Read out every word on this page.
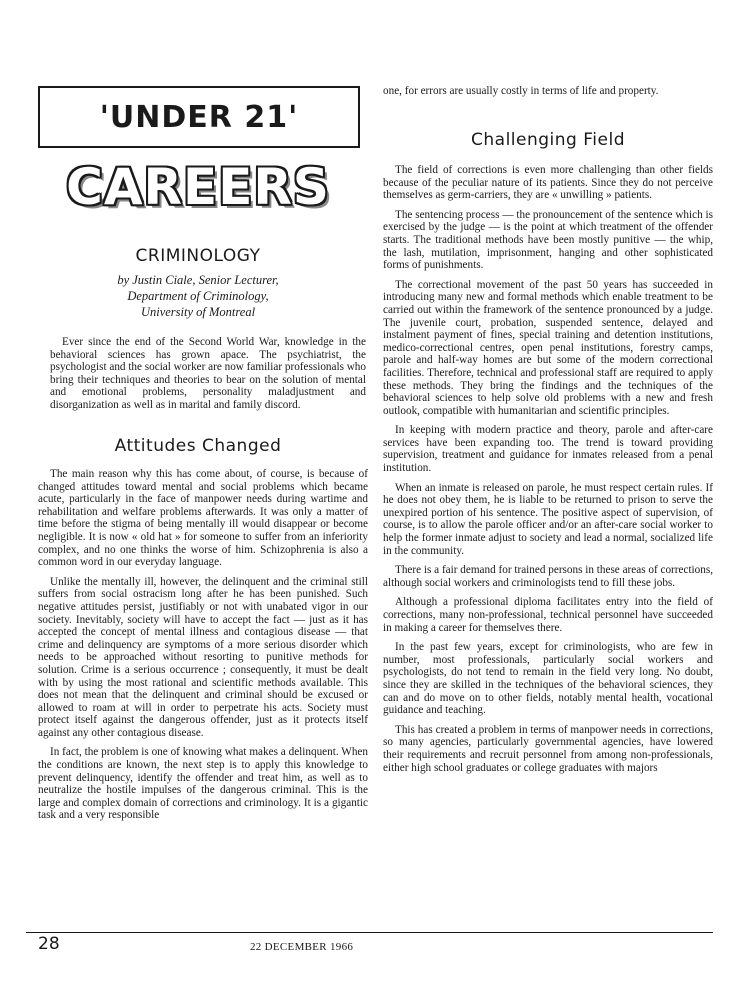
'UNDER 21'
CAREERS
CRIMINOLOGY
by Justin Ciale, Senior Lecturer,
Department of Criminology,
University of Montreal

Ever since the end of the Second World War, knowledge in the behavioral sciences has grown apace. The psychiatrist, the psychologist and the social worker are now familiar professionals who bring their techniques and theories to bear on the solution of mental and emotional problems, personality maladjustment and disorganization as well as in marital and family discord.

Attitudes Changed

The main reason why this has come about, of course, is because of changed attitudes toward mental and social problems which became acute, particularly in the face of manpower needs during wartime and rehabilitation and welfare problems afterwards. It was only a matter of time before the stigma of being mentally ill would disappear or become negligible. It is now « old hat » for someone to suffer from an inferiority complex, and no one thinks the worse of him. Schizophrenia is also a common word in our everyday language.

Unlike the mentally ill, however, the delinquent and the criminal still suffers from social ostracism long after he has been punished. Such negative attitudes persist, justifiably or not with unabated vigor in our society. Inevitably, society will have to accept the fact — just as it has accepted the concept of mental illness and contagious disease — that crime and delinquency are symptoms of a more serious disorder which needs to be approached without resorting to punitive methods for solution. Crime is a serious occurrence ; consequently, it must be dealt with by using the most rational and scientific methods available. This does not mean that the delinquent and criminal should be excused or allowed to roam at will in order to perpetrate his acts. Society must protect itself against the dangerous offender, just as it protects itself against any other contagious disease.

In fact, the problem is one of knowing what makes a delinquent. When the conditions are known, the next step is to apply this knowledge to prevent delinquency, identify the offender and treat him, as well as to neutralize the hostile impulses of the dangerous criminal. This is the large and complex domain of corrections and criminology. It is a gigantic task and a very responsible

one, for errors are usually costly in terms of life and property.

Challenging Field

The field of corrections is even more challenging than other fields because of the peculiar nature of its patients. Since they do not perceive themselves as germ-carriers, they are « unwilling » patients.

The sentencing process — the pronouncement of the sentence which is exercised by the judge — is the point at which treatment of the offender starts. The traditional methods have been mostly punitive — the whip, the lash, mutilation, imprisonment, hanging and other sophisticated forms of punishments.

The correctional movement of the past 50 years has succeeded in introducing many new and formal methods which enable treatment to be carried out within the framework of the sentence pronounced by a judge. The juvenile court, probation, suspended sentence, delayed and instalment payment of fines, special training and detention institutions, medico-correctional centres, open penal institutions, forestry camps, parole and half-way homes are but some of the modern correctional facilities. Therefore, technical and professional staff are required to apply these methods. They bring the findings and the techniques of the behavioral sciences to help solve old problems with a new and fresh outlook, compatible with humanitarian and scientific principles.

In keeping with modern practice and theory, parole and after-care services have been expanding too. The trend is toward providing supervision, treatment and guidance for inmates released from a penal institution.

When an inmate is released on parole, he must respect certain rules. If he does not obey them, he is liable to be returned to prison to serve the unexpired portion of his sentence. The positive aspect of supervision, of course, is to allow the parole officer and/or an after-care social worker to help the former inmate adjust to society and lead a normal, socialized life in the community.

There is a fair demand for trained persons in these areas of corrections, although social workers and criminologists tend to fill these jobs.

Although a professional diploma facilitates entry into the field of corrections, many non-professional, technical personnel have succeeded in making a career for themselves there.

In the past few years, except for criminologists, who are few in number, most professionals, particularly social workers and psychologists, do not tend to remain in the field very long. No doubt, since they are skilled in the techniques of the behavioral sciences, they can and do move on to other fields, notably mental health, vocational guidance and teaching.

This has created a problem in terms of manpower needs in corrections, so many agencies, particularly governmental agencies, have lowered their requirements and recruit personnel from among non-professionals, either high school graduates or college graduates with majors

28	22 DECEMBER 1966
